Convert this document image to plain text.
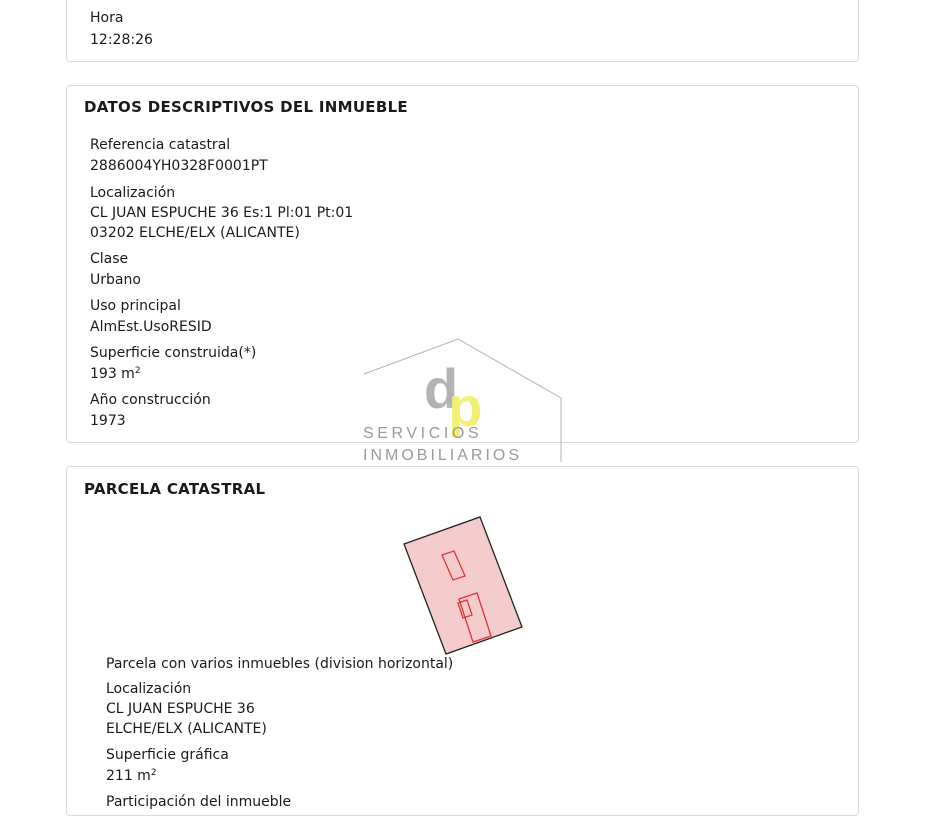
Hora
12:28:26
DATOS DESCRIPTIVOS DEL INMUEBLE
Referencia catastral
2886004YH0328F0001PT
Localización
CL JUAN ESPUCHE 36 Es:1 Pl:01 Pt:01
03202 ELCHE/ELX (ALICANTE)
Clase
Urbano
Uso principal
AlmEst.UsoRESID
Superficie construida(*)
193 $m^2$
Año construcción
1973
PARCELA CATASTRAL
Parcela con varios inmuebles (division horizontal)
Localización
CL JUAN ESPUCHE 36
ELCHE/ELX (ALICANTE)
Superficie gráfica
211 $m^2$
Participación del inmueble
dp
SERVICIOS
INMOBILIARIOS
